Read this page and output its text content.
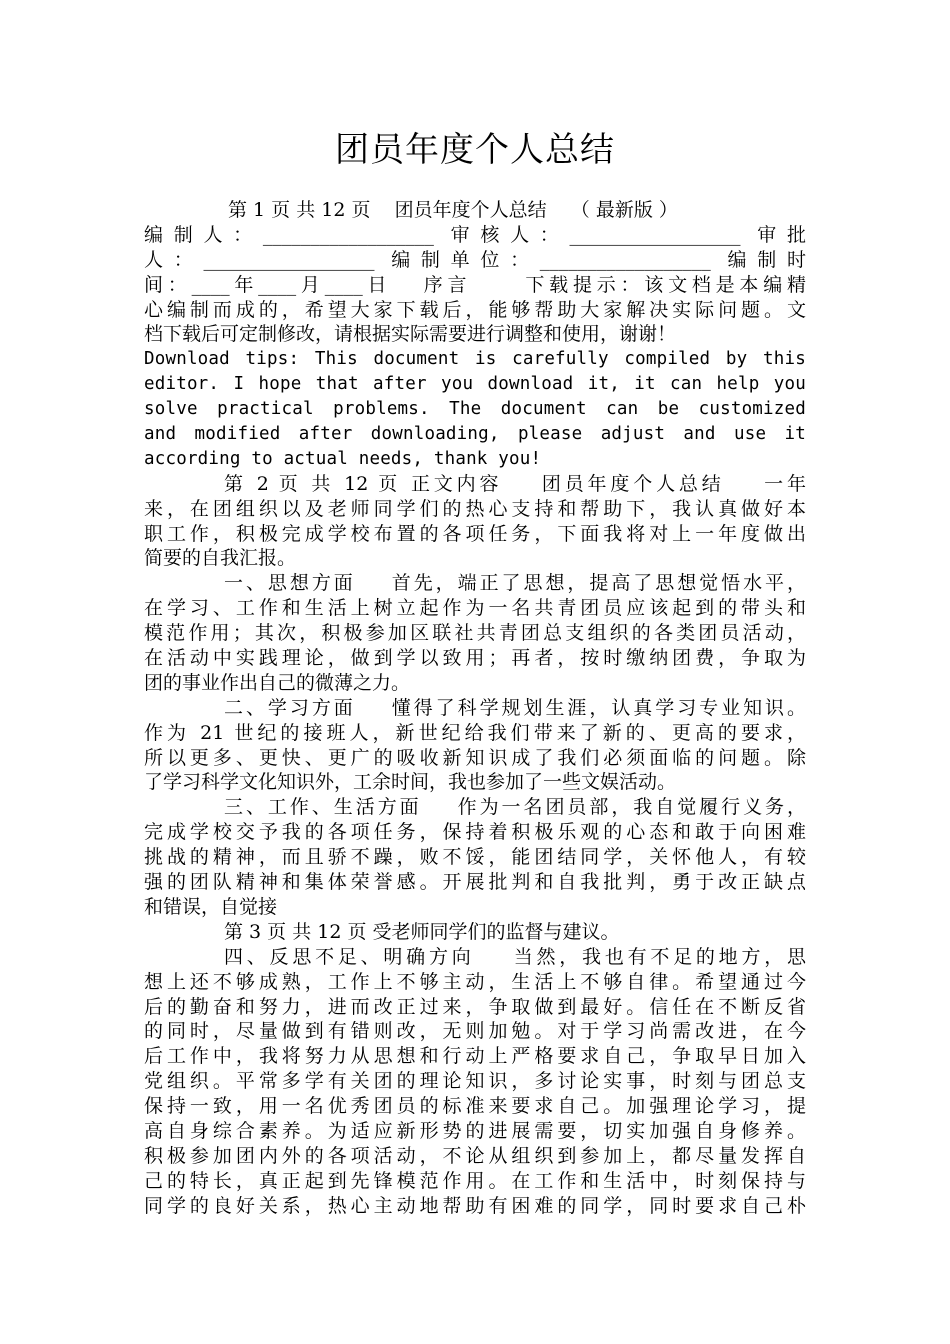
团员年度个人总结
第 1 页 共 12 页    团员年度个人总结    （ 最新版 ）
编制人：__________________ 审核人：__________________ 审批
人：__________________ 编制单位：__________________ 编制时
间：____年____月____日   序言     下载提示：该文档是本编精
心编制而成的，希望大家下载后，能够帮助大家解决实际问题。文
档下载后可定制修改，请根据实际需要进行调整和使用，谢谢！
Download tips: This document is carefully compiled by this
editor. I hope that after you download it, it can help you
solve practical problems. The document can be customized
and modified after downloading, please adjust and use it
according to actual needs, thank you!
第 2 页 共 12 页 正文内容    团员年度个人总结    一年
来，在团组织以及老师同学们的热心支持和帮助下，我认真做好本
职工作，积极完成学校布置的各项任务，下面我将对上一年度做出
简要的自我汇报。
一、思想方面    首先，端正了思想，提高了思想觉悟水平，
在学习、工作和生活上树立起作为一名共青团员应该起到的带头和
模范作用；其次，积极参加区联社共青团总支组织的各类团员活动，
在活动中实践理论，做到学以致用；再者，按时缴纳团费，争取为
团的事业作出自己的微薄之力。
二、学习方面    懂得了科学规划生涯，认真学习专业知识。
作为 21 世纪的接班人，新世纪给我们带来了新的、更高的要求，
所以更多、更快、更广的吸收新知识成了我们必须面临的问题。除
了学习科学文化知识外，工余时间，我也参加了一些文娱活动。
三、工作、生活方面    作为一名团员部，我自觉履行义务，
完成学校交予我的各项任务，保持着积极乐观的心态和敢于向困难
挑战的精神，而且骄不躁，败不馁，能团结同学，关怀他人，有较
强的团队精神和集体荣誉感。开展批判和自我批判，勇于改正缺点
和错误，自觉接
第 3 页 共 12 页 受老师同学们的监督与建议。
四、反思不足、明确方向    当然，我也有不足的地方，思
想上还不够成熟，工作上不够主动，生活上不够自律。希望通过今
后的勤奋和努力，进而改正过来，争取做到最好。信任在不断反省
的同时，尽量做到有错则改，无则加勉。对于学习尚需改进，在今
后工作中，我将努力从思想和行动上严格要求自己，争取早日加入
党组织。平常多学有关团的理论知识，多讨论实事，时刻与团总支
保持一致，用一名优秀团员的标准来要求自己。加强理论学习，提
高自身综合素养。为适应新形势的进展需要，切实加强自身修养。
积极参加团内外的各项活动，不论从组织到参加上，都尽量发挥自
己的特长，真正起到先锋模范作用。在工作和生活中，时刻保持与
同学的良好关系，热心主动地帮助有困难的同学，同时要求自己朴
